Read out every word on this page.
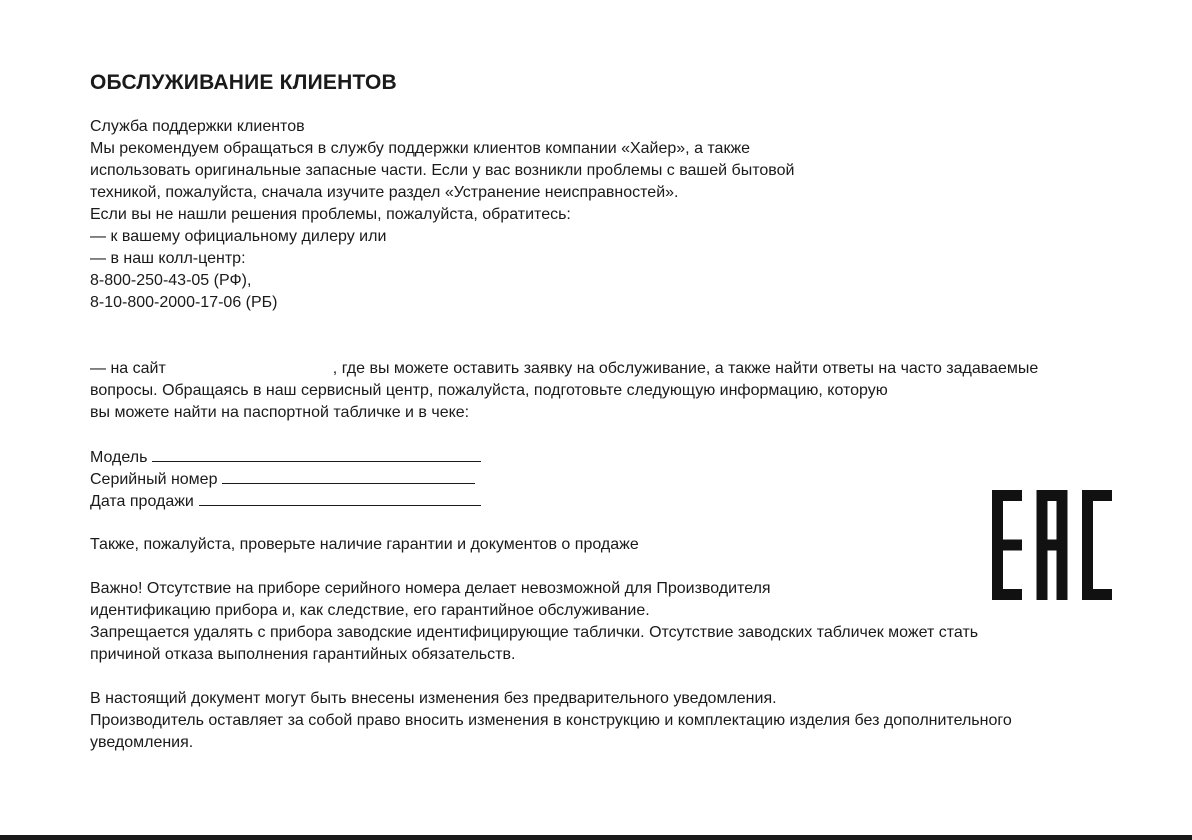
ОБСЛУЖИВАНИЕ КЛИЕНТОВ
Служба поддержки клиентов
Мы рекомендуем обращаться в службу поддержки клиентов компании «Хайер», а также
использовать оригинальные запасные части. Если у вас возникли проблемы с вашей бытовой
техникой, пожалуйста, сначала изучите раздел «Устранение неисправностей».
Если вы не нашли решения проблемы, пожалуйста, обратитесь:
— к вашему официальному дилеру или
— в наш колл-центр:
8-800-250-43-05 (РФ),
8-10-800-2000-17-06 (РБ)
— на сайт	, где вы можете оставить заявку на обслуживание, а также найти ответы на часто задаваемые
вопросы. Обращаясь в наш сервисный центр, пожалуйста, подготовьте следующую информацию, которую
вы можете найти на паспортной табличке и в чеке:
Модель
Серийный номер
Дата продажи
Также, пожалуйста, проверьте наличие гарантии и документов о продаже
Важно! Отсутствие на приборе серийного номера делает невозможной для Производителя
идентификацию прибора и, как следствие, его гарантийное обслуживание.
Запрещается удалять с прибора заводские идентифицирующие таблички. Отсутствие заводских табличек может стать
причиной отказа выполнения гарантийных обязательств.
В настоящий документ могут быть внесены изменения без предварительного уведомления.
Производитель оставляет за собой право вносить изменения в конструкцию и комплектацию изделия без дополнительного
уведомления.
